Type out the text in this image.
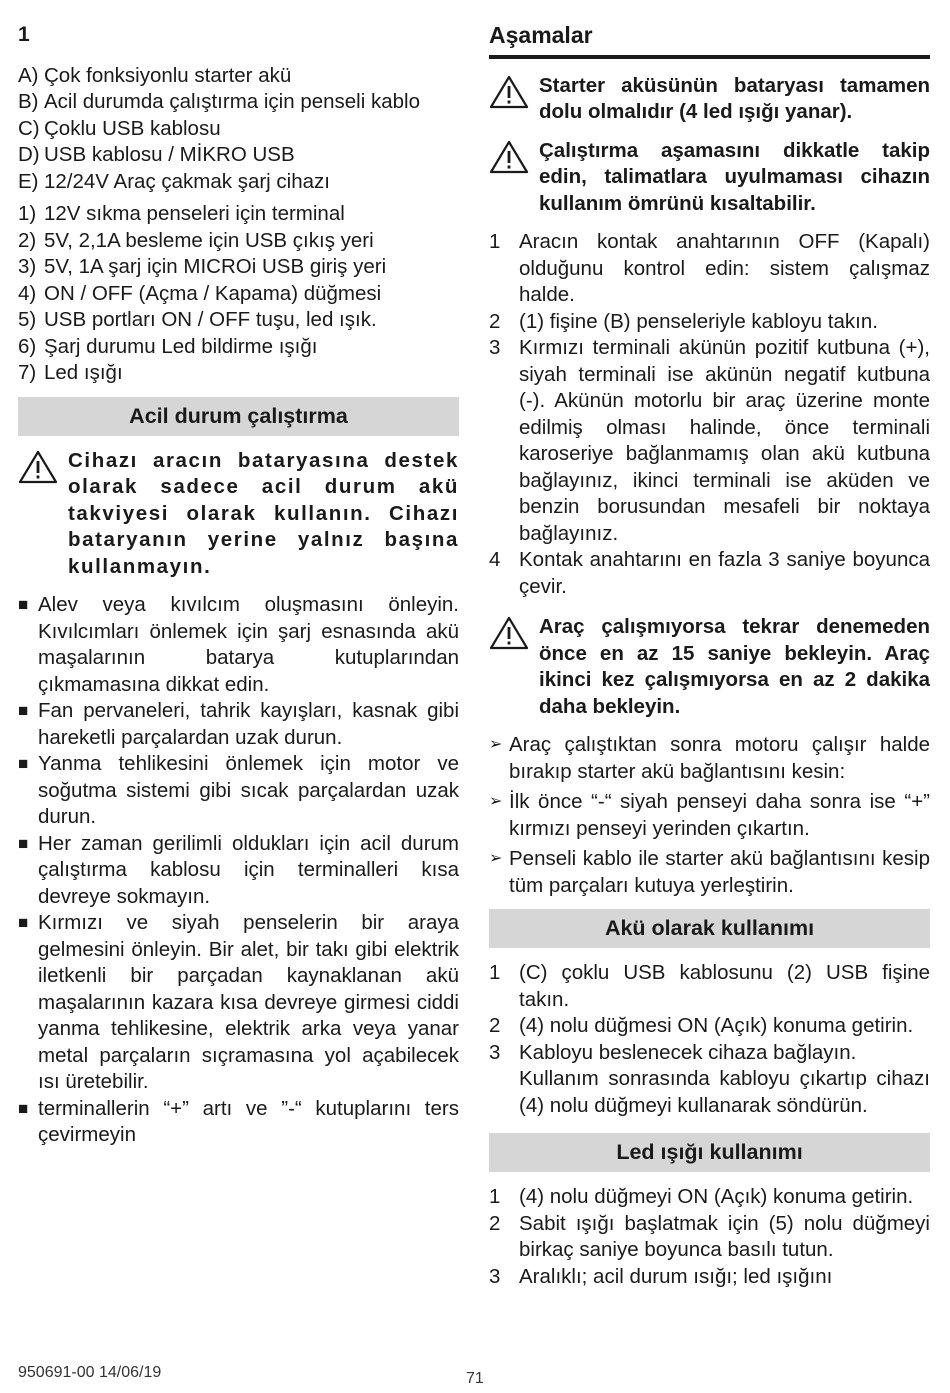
1
A) Çok fonksiyonlu starter akü
B) Acil durumda çalıştırma için penseli kablo
C) Çoklu USB kablosu
D) USB kablosu / MİKRO USB
E) 12/24V Araç çakmak şarj cihazı
1) 12V sıkma penseleri için terminal
2) 5V, 2,1A besleme için USB çıkış yeri
3) 5V, 1A şarj için MICROi USB giriş yeri
4) ON / OFF (Açma / Kapama) düğmesi
5) USB portları ON / OFF tuşu, led ışık.
6) Şarj durumu Led bildirme ışığı
7) Led ışığı
Acil durum çalıştırma
Cihazı aracın bataryasına destek olarak sadece acil durum akü takviyesi olarak kullanın. Cihazı bataryanın yerine yalnız başına kullanmayın.
■ Alev veya kıvılcım oluşmasını önleyin. Kıvılcımları önlemek için şarj esnasında akü maşalarının batarya kutuplarından çıkmamasına dikkat edin.
■ Fan pervaneleri, tahrik kayışları, kasnak gibi hareketli parçalardan uzak durun.
■ Yanma tehlikesini önlemek için motor ve soğutma sistemi gibi sıcak parçalardan uzak durun.
■ Her zaman gerilimli oldukları için acil durum çalıştırma kablosu için terminalleri kısa devreye sokmayın.
■ Kırmızı ve siyah penselerin bir araya gelmesini önleyin. Bir alet, bir takı gibi elektrik iletkenli bir parçadan kaynaklanan akü maşalarının kazara kısa devreye girmesi ciddi yanma tehlikesine, elektrik arka veya yanar metal parçaların sıçramasına yol açabilecek ısı üretebilir.
■ terminallerin “+” artı ve ”-“ kutuplarını ters çevirmeyin
Aşamalar
Starter aküsünün bataryası tamamen dolu olmalıdır (4 led ışığı yanar).
Çalıştırma aşamasını dikkatle takip edin, talimatlara uyulmaması cihazın kullanım ömrünü kısaltabilir.
1 Aracın kontak anahtarının OFF (Kapalı) olduğunu kontrol edin: sistem çalışmaz halde.
2 (1) fişine (B) penseleriyle kabloyu takın.
3 Kırmızı terminali akünün pozitif kutbuna (+), siyah terminali ise akünün negatif kutbuna (-). Akünün motorlu bir araç üzerine monte edilmiş olması halinde, önce terminali karoseriye bağlanmamış olan akü kutbuna bağlayınız, ikinci terminali ise aküden ve benzin borusundan mesafeli bir noktaya bağlayınız.
4 Kontak anahtarını en fazla 3 saniye boyunca çevir.
Araç çalışmıyorsa tekrar denemeden önce en az 15 saniye bekleyin. Araç ikinci kez çalışmıyorsa en az 2 dakika daha bekleyin.
➢ Araç çalıştıktan sonra motoru çalışır halde bırakıp starter akü bağlantısını kesin:
➢ İlk önce “-“ siyah penseyi daha sonra ise “+” kırmızı penseyi yerinden çıkartın.
➢ Penseli kablo ile starter akü bağlantısını kesip tüm parçaları kutuya yerleştirin.
Akü olarak kullanımı
1 (C) çoklu USB kablosunu (2) USB fişine takın.
2 (4) nolu düğmesi ON (Açık) konuma getirin.
3 Kabloyu beslenecek cihaza bağlayın.
Kullanım sonrasında kabloyu çıkartıp cihazı (4) nolu düğmeyi kullanarak söndürün.
Led ışığı kullanımı
1 (4) nolu düğmeyi ON (Açık) konuma getirin.
2 Sabit ışığı başlatmak için (5) nolu düğmeyi birkaç saniye boyunca basılı tutun.
3 Aralıklı; acil durum ısığı; led ışığını
950691-00 14/06/19	71
